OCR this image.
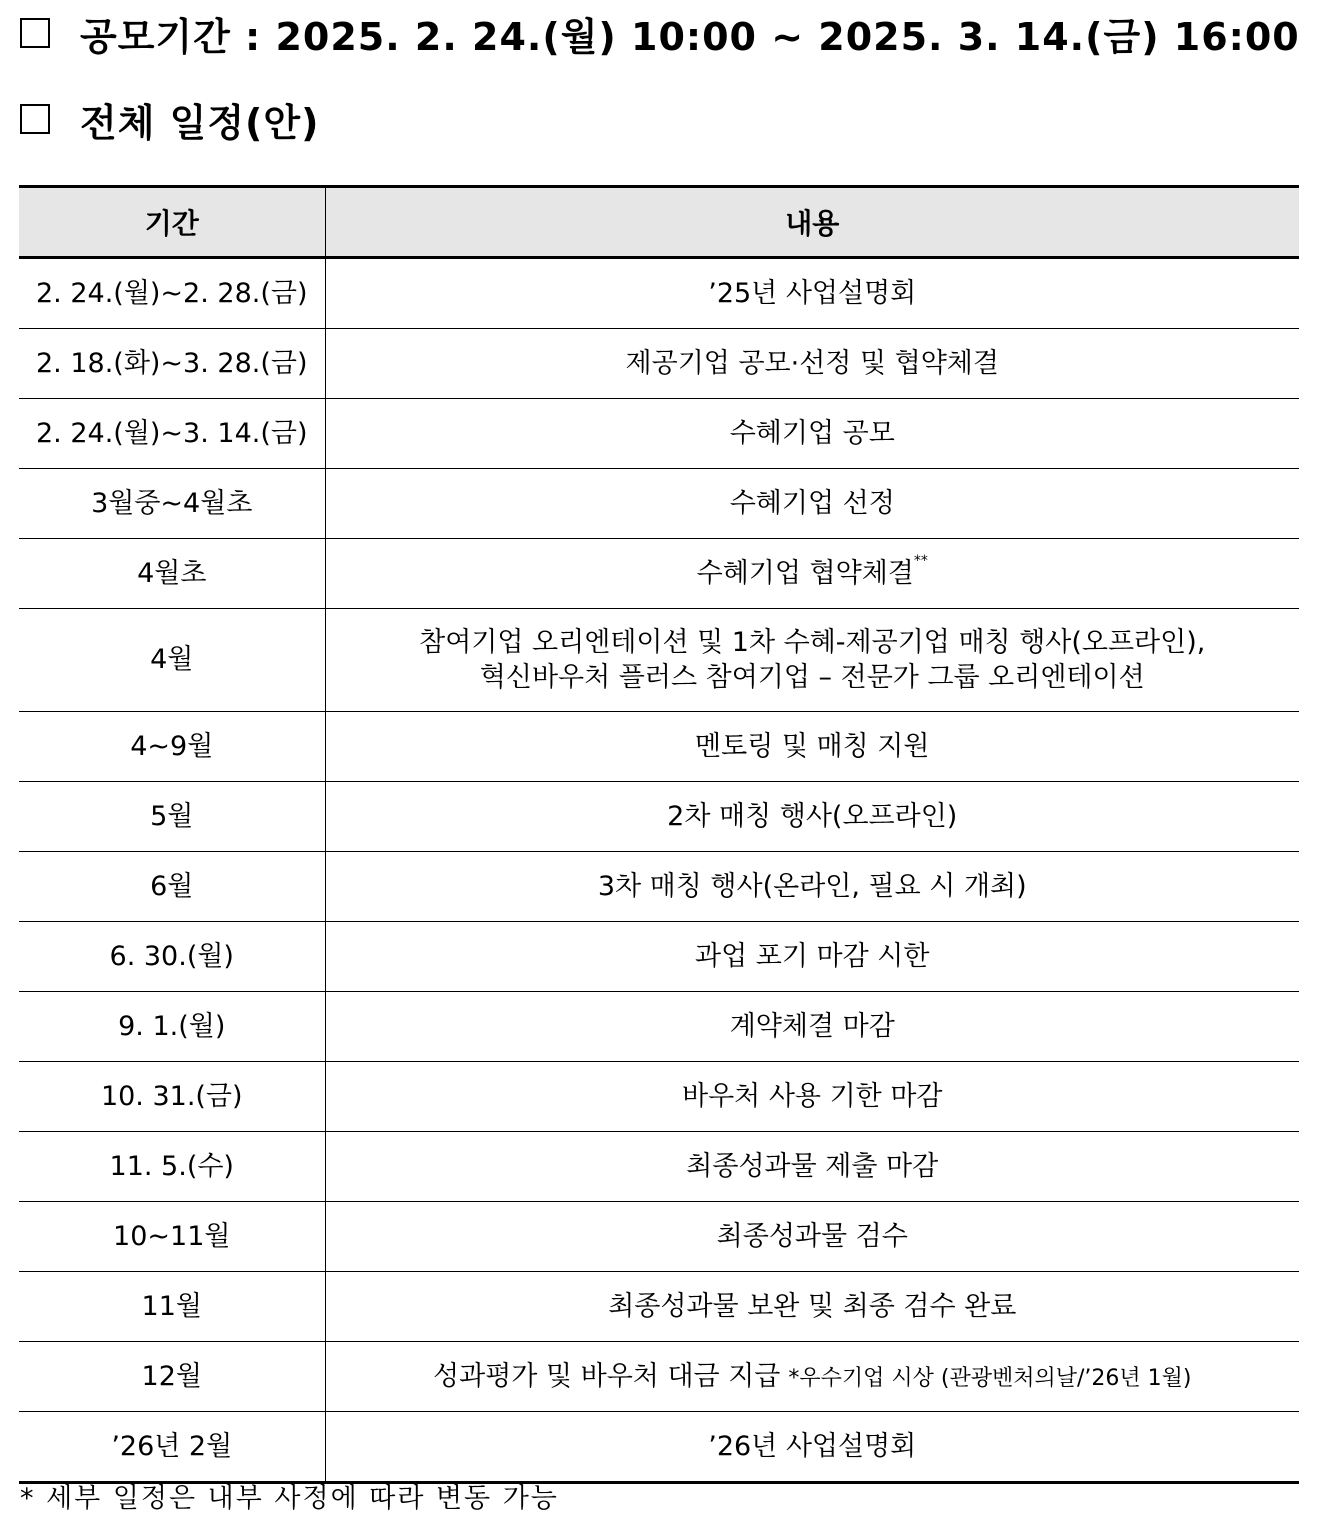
공모기간 : 2025. 2. 24.(월) 10:00 ~ 2025. 3. 14.(금) 16:00
전체 일정(안)
기간	내용
2. 24.(월)~2. 28.(금)	’25년 사업설명회
2. 18.(화)~3. 28.(금)	제공기업 공모·선정 및 협약체결
2. 24.(월)~3. 14.(금)	수혜기업 공모
3월중~4월초	수혜기업 선정
4월초	수혜기업 협약체결**
4월	참여기업 오리엔테이션 및 1차 수혜-제공기업 매칭 행사(오프라인),
혁신바우처 플러스 참여기업 – 전문가 그룹 오리엔테이션

4~9월	멘토링 및 매칭 지원
5월	2차 매칭 행사(오프라인)
6월	3차 매칭 행사(온라인, 필요 시 개최)
6. 30.(월)	과업 포기 마감 시한
9. 1.(월)	계약체결 마감
10. 31.(금)	바우처 사용 기한 마감
11. 5.(수)	최종성과물 제출 마감
10~11월	최종성과물 검수
11월	최종성과물 보완 및 최종 검수 완료
12월	성과평가 및 바우처 대금 지급 *우수기업 시상 (관광벤처의날/’26년 1월)
’26년 2월	’26년 사업설명회
* 세부 일정은 내부 사정에 따라 변동 가능
